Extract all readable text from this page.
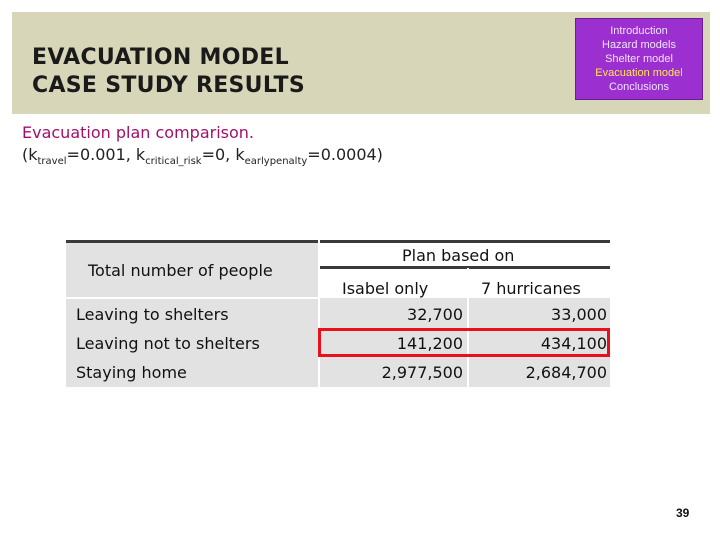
EVACUATION MODEL
CASE STUDY RESULTS
Introduction
Hazard models
Shelter model
Evacuation model
Conclusions

Evacuation plan comparison.
($k_{travel}=0.001$, $k_{critical\_risk}=0$, $k_{earlypenalty}=0.0004$)

Total number of people
Plan based on
Isabel only	7 hurricanes
Leaving to shelters	32,700	33,000
Leaving not to shelters	141,200	434,100
Staying home	2,977,500	2,684,700
39
